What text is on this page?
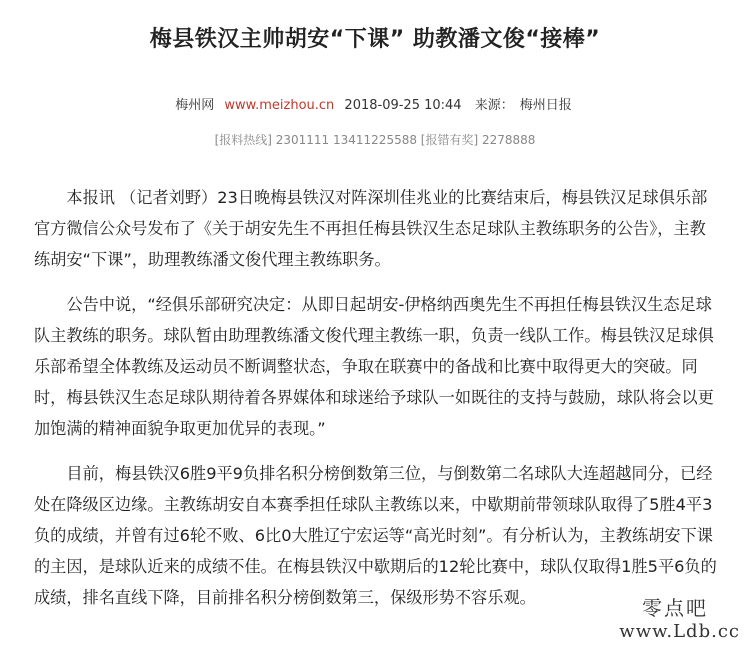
梅县铁汉主帅胡安“下课” 助教潘文俊“接棒”
梅州网 www.meizhou.cn 2018-09-25 10:44 来源： 梅州日报
[报料热线] 2301111 13411225588 [报错有奖] 2278888

本报讯 （记者刘野）23日晚梅县铁汉对阵深圳佳兆业的比赛结束后，梅县铁汉足球俱乐部官方微信公众号发布了《关于胡安先生不再担任梅县铁汉生态足球队主教练职务的公告》，主教练胡安“下课”，助理教练潘文俊代理主教练职务。

公告中说，“经俱乐部研究决定：从即日起胡安-伊格纳西奥先生不再担任梅县铁汉生态足球队主教练的职务。球队暂由助理教练潘文俊代理主教练一职，负责一线队工作。梅县铁汉足球俱乐部希望全体教练及运动员不断调整状态，争取在联赛中的备战和比赛中取得更大的突破。同时，梅县铁汉生态足球队期待着各界媒体和球迷给予球队一如既往的支持与鼓励，球队将会以更加饱满的精神面貌争取更加优异的表现。”

目前，梅县铁汉6胜9平9负排名积分榜倒数第三位，与倒数第二名球队大连超越同分，已经处在降级区边缘。主教练胡安自本赛季担任球队主教练以来，中歇期前带领球队取得了5胜4平3负的成绩，并曾有过6轮不败、6比0大胜辽宁宏运等“高光时刻”。有分析认为，主教练胡安下课的主因，是球队近来的成绩不佳。在梅县铁汉中歇期后的12轮比赛中，球队仅取得1胜5平6负的成绩，排名直线下降，目前排名积分榜倒数第三，保级形势不容乐观。	零点吧
www.Ldb.cc
